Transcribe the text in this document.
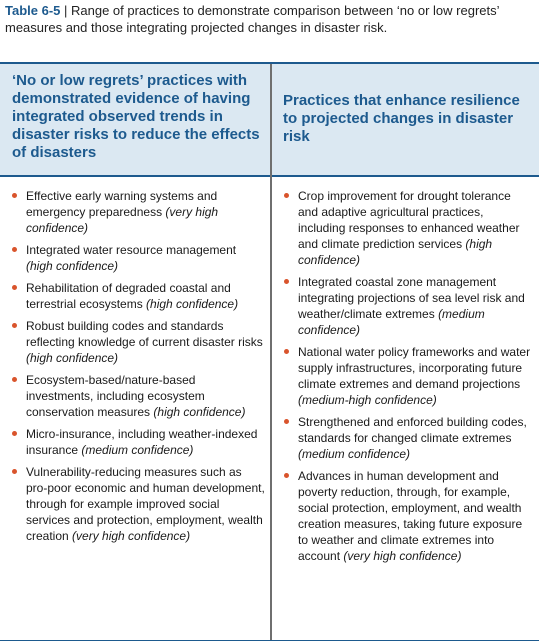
Table 6-5 | Range of practices to demonstrate comparison between ‘no or low regrets’ measures and those integrating projected changes in disaster risk.
‘No or low regrets’ practices with demonstrated evidence of having integrated observed trends in disaster risks to reduce the effects of disasters
Practices that enhance resilience to projected changes in disaster risk
Effective early warning systems and emergency preparedness (very high confidence)
Integrated water resource management (high confidence)
Rehabilitation of degraded coastal and terrestrial ecosystems (high confidence)
Robust building codes and standards reflecting knowledge of current disaster risks (high confidence)
Ecosystem-based/nature-based investments, including ecosystem conservation measures (high confidence)
Micro-insurance, including weather-indexed insurance (medium confidence)
Vulnerability-reducing measures such as pro-poor economic and human development, through for example improved social services and protection, employment, wealth creation (very high confidence)
Crop improvement for drought tolerance and adaptive agricultural practices, including responses to enhanced weather and climate prediction services (high confidence)
Integrated coastal zone management integrating projections of sea level risk and weather/climate extremes (medium confidence)
National water policy frameworks and water supply infrastructures, incorporating future climate extremes and demand projections (medium-high confidence)
Strengthened and enforced building codes, standards for changed climate extremes (medium confidence)
Advances in human development and poverty reduction, through, for example, social protection, employment, and wealth creation measures, taking future exposure to weather and climate extremes into account (very high confidence)
